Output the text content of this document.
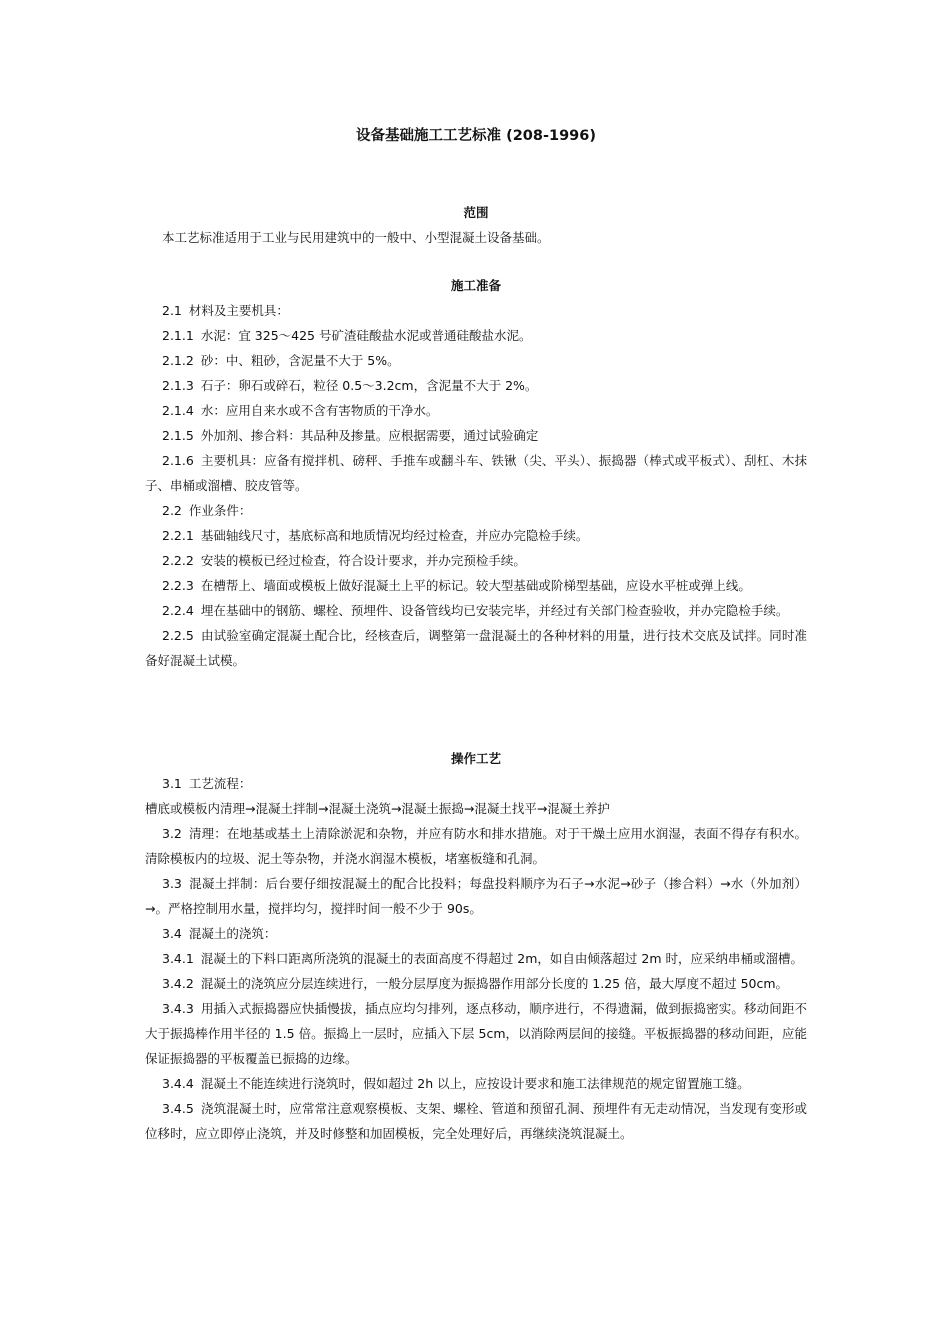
设备基础施工工艺标准 (208-1996)
范围

本工艺标准适用于工业与民用建筑中的一般中、小型混凝土设备基础。

施工准备

2.1 材料及主要机具：

2.1.1 水泥：宜 325～425 号矿渣硅酸盐水泥或普通硅酸盐水泥。

2.1.2 砂：中、粗砂，含泥量不大于 5%。

2.1.3 石子：卵石或碎石，粒径 0.5～3.2cm，含泥量不大于 2%。

2.1.4 水：应用自来水或不含有害物质的干净水。

2.1.5 外加剂、掺合料：其品种及掺量。应根据需要，通过试验确定

2.1.6 主要机具：应备有搅拌机、磅秤、手推车或翻斗车、铁锹（尖、平头）、振捣器（棒式或平板式）、刮杠、木抹子、串桶或溜槽、胶皮管等。

2.2 作业条件：

2.2.1 基础轴线尺寸，基底标高和地质情况均经过检查，并应办完隐检手续。

2.2.2 安装的模板已经过检查，符合设计要求，并办完预检手续。

2.2.3 在槽帮上、墙面或模板上做好混凝土上平的标记。较大型基础或阶梯型基础，应设水平桩或弹上线。

2.2.4 埋在基础中的钢筋、螺栓、预埋件、设备管线均已安装完毕，并经过有关部门检查验收，并办完隐检手续。

2.2.5 由试验室确定混凝土配合比，经核查后，调整第一盘混凝土的各种材料的用量，进行技术交底及试拌。同时准备好混凝土试模。

操作工艺

3.1 工艺流程：

槽底或模板内清理→混凝土拌制→混凝土浇筑→混凝土振捣→混凝土找平→混凝土养护

3.2 清理：在地基或基土上清除淤泥和杂物，并应有防水和排水措施。对于干燥土应用水润湿，表面不得存有积水。清除模板内的垃圾、泥土等杂物，并浇水润湿木模板，堵塞板缝和孔洞。

3.3 混凝土拌制：后台要仔细按混凝土的配合比投料；每盘投料顺序为石子→水泥→砂子（掺合料）→水（外加剂）→。严格控制用水量，搅拌均匀，搅拌时间一般不少于 90s。

3.4 混凝土的浇筑：

3.4.1 混凝土的下料口距离所浇筑的混凝土的表面高度不得超过 2m，如自由倾落超过 2m 时，应采纳串桶或溜槽。

3.4.2 混凝土的浇筑应分层连续进行，一般分层厚度为振捣器作用部分长度的 1.25 倍，最大厚度不超过 50cm。

3.4.3 用插入式振捣器应快插慢拔，插点应均匀排列，逐点移动，顺序进行，不得遗漏，做到振捣密实。移动间距不大于振捣棒作用半径的 1.5 倍。振捣上一层时，应插入下层 5cm，以消除两层间的接缝。平板振捣器的移动间距，应能保证振捣器的平板覆盖已振捣的边缘。

3.4.4 混凝土不能连续进行浇筑时，假如超过 2h 以上，应按设计要求和施工法律规范的规定留置施工缝。

3.4.5 浇筑混凝土时，应常常注意观察模板、支架、螺栓、管道和预留孔洞、预埋件有无走动情况，当发现有变形或位移时，应立即停止浇筑，并及时修整和加固模板，完全处理好后，再继续浇筑混凝土。
